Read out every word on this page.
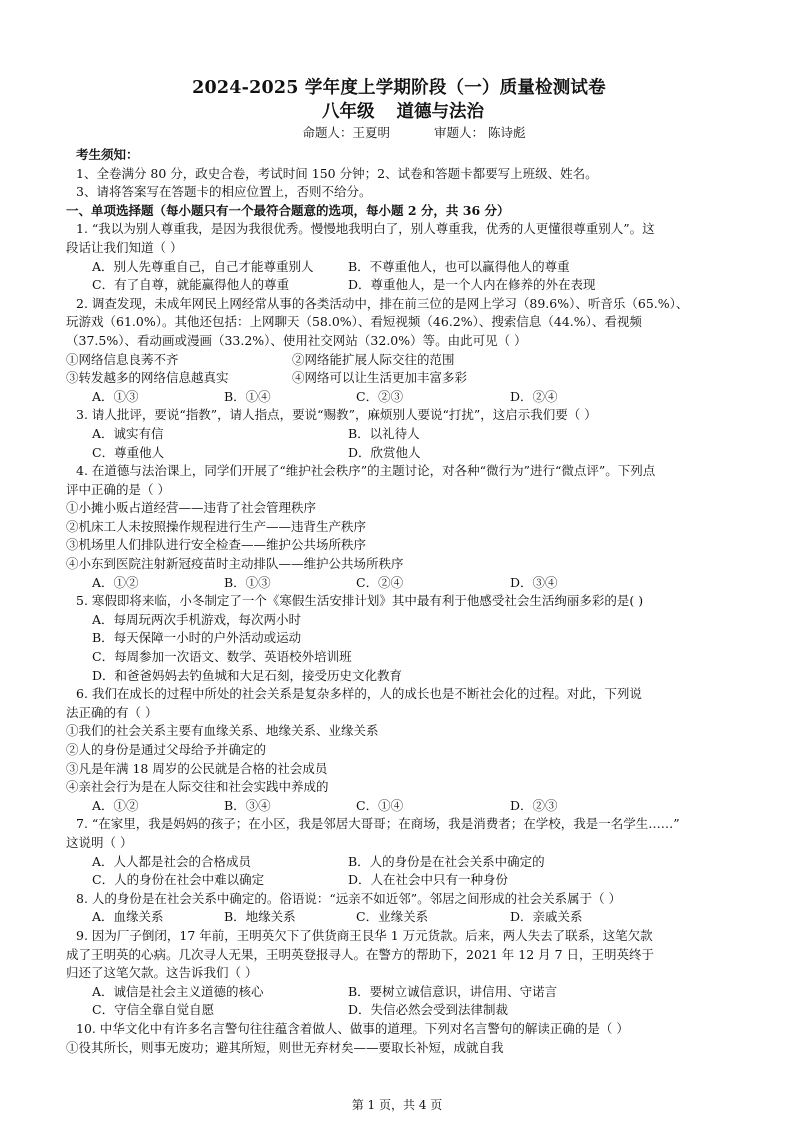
2024-2025 学年度上学期阶段（一）质量检测试卷
八年级 道德与法治
命题人：王夏明	审题人： 陈诗彪
考生须知：
1、全卷满分 80 分，政史合卷，考试时间 150 分钟；2、试卷和答题卡都要写上班级、姓名。
3、请将答案写在答题卡的相应位置上，否则不给分。
一、单项选择题（每小题只有一个最符合题意的选项，每小题 2 分，共 36 分）
1. “我以为别人尊重我，是因为我很优秀。慢慢地我明白了，别人尊重我，优秀的人更懂很尊重别人”。这
段话让我们知道（ ）
A．别人先尊重自己，自己才能尊重别人	B．不尊重他人，也可以赢得他人的尊重
C．有了自尊，就能赢得他人的尊重	D．尊重他人，是一个人内在修养的外在表现
2. 调查发现，未成年网民上网经常从事的各类活动中，排在前三位的是网上学习（89.6%）、听音乐（65.%）、
玩游戏（61.0%）。其他还包括：上网聊天（58.0%）、看短视频（46.2%）、搜索信息（44.%）、看视频
（37.5%）、看动画或漫画（33.2%）、使用社交网站（32.0%）等。由此可见（ ）
①网络信息良莠不齐	②网络能扩展人际交往的范围
③转发越多的网络信息越真实	④网络可以让生活更加丰富多彩
A．①③	B．①④	C．②③	D．②④
3. 请人批评，要说“指教”，请人指点，要说“赐教”，麻烦别人要说“打扰”，这启示我们要（ ）
A．诚实有信	B．以礼待人
C．尊重他人	D．欣赏他人
4. 在道德与法治课上，同学们开展了“维护社会秩序”的主题讨论，对各种“微行为”进行“微点评”。下列点
评中正确的是（ ）
①小摊小贩占道经营——违背了社会管理秩序
②机床工人未按照操作规程进行生产——违背生产秩序
③机场里人们排队进行安全检查——维护公共场所秩序
④小东到医院注射新冠疫苗时主动排队——维护公共场所秩序
A．①②	B．①③	C．②④	D．③④
5. 寒假即将来临，小冬制定了一个《寒假生活安排计划》其中最有利于他感受社会生活绚丽多彩的是( )
A．每周玩两次手机游戏，每次两小时
B．每天保障一小时的户外活动或运动
C．每周参加一次语文、数学、英语校外培训班
D．和爸爸妈妈去钓鱼城和大足石刻，接受历史文化教育
6. 我们在成长的过程中所处的社会关系是复杂多样的，人的成长也是不断社会化的过程。对此，下列说
法正确的有（ ）
①我们的社会关系主要有血缘关系、地缘关系、业缘关系
②人的身份是通过父母给予并确定的
③凡是年满 18 周岁的公民就是合格的社会成员
④亲社会行为是在人际交往和社会实践中养成的
A．①②	B．③④	C．①④	D．②③
7. “在家里，我是妈妈的孩子；在小区，我是邻居大哥哥；在商场，我是消费者；在学校，我是一名学生……”
这说明（ ）
A．人人都是社会的合格成员	B．人的身份是在社会关系中确定的
C．人的身份在社会中难以确定	D．人在社会中只有一种身份
8. 人的身份是在社会关系中确定的。俗语说：“远亲不如近邻”。邻居之间形成的社会关系属于（ ）
A．血缘关系	B．地缘关系	C．业缘关系	D．亲戚关系
9. 因为厂子倒闭，17 年前，王明英欠下了供货商王艮华 1 万元货款。后来，两人失去了联系，这笔欠款
成了王明英的心病。几次寻人无果，王明英登报寻人。在警方的帮助下，2021 年 12 月 7 日，王明英终于
归还了这笔欠款。这告诉我们（ ）
A．诚信是社会主义道德的核心	B．要树立诚信意识，讲信用、守诺言
C．守信全靠自觉自愿	D．失信必然会受到法律制裁
10. 中华文化中有许多名言警句往往蕴含着做人、做事的道理。下列对名言警句的解读正确的是（ ）
①役其所长，则事无废功；避其所短，则世无弃材矣——要取长补短，成就自我
第 1 页，共 4 页
